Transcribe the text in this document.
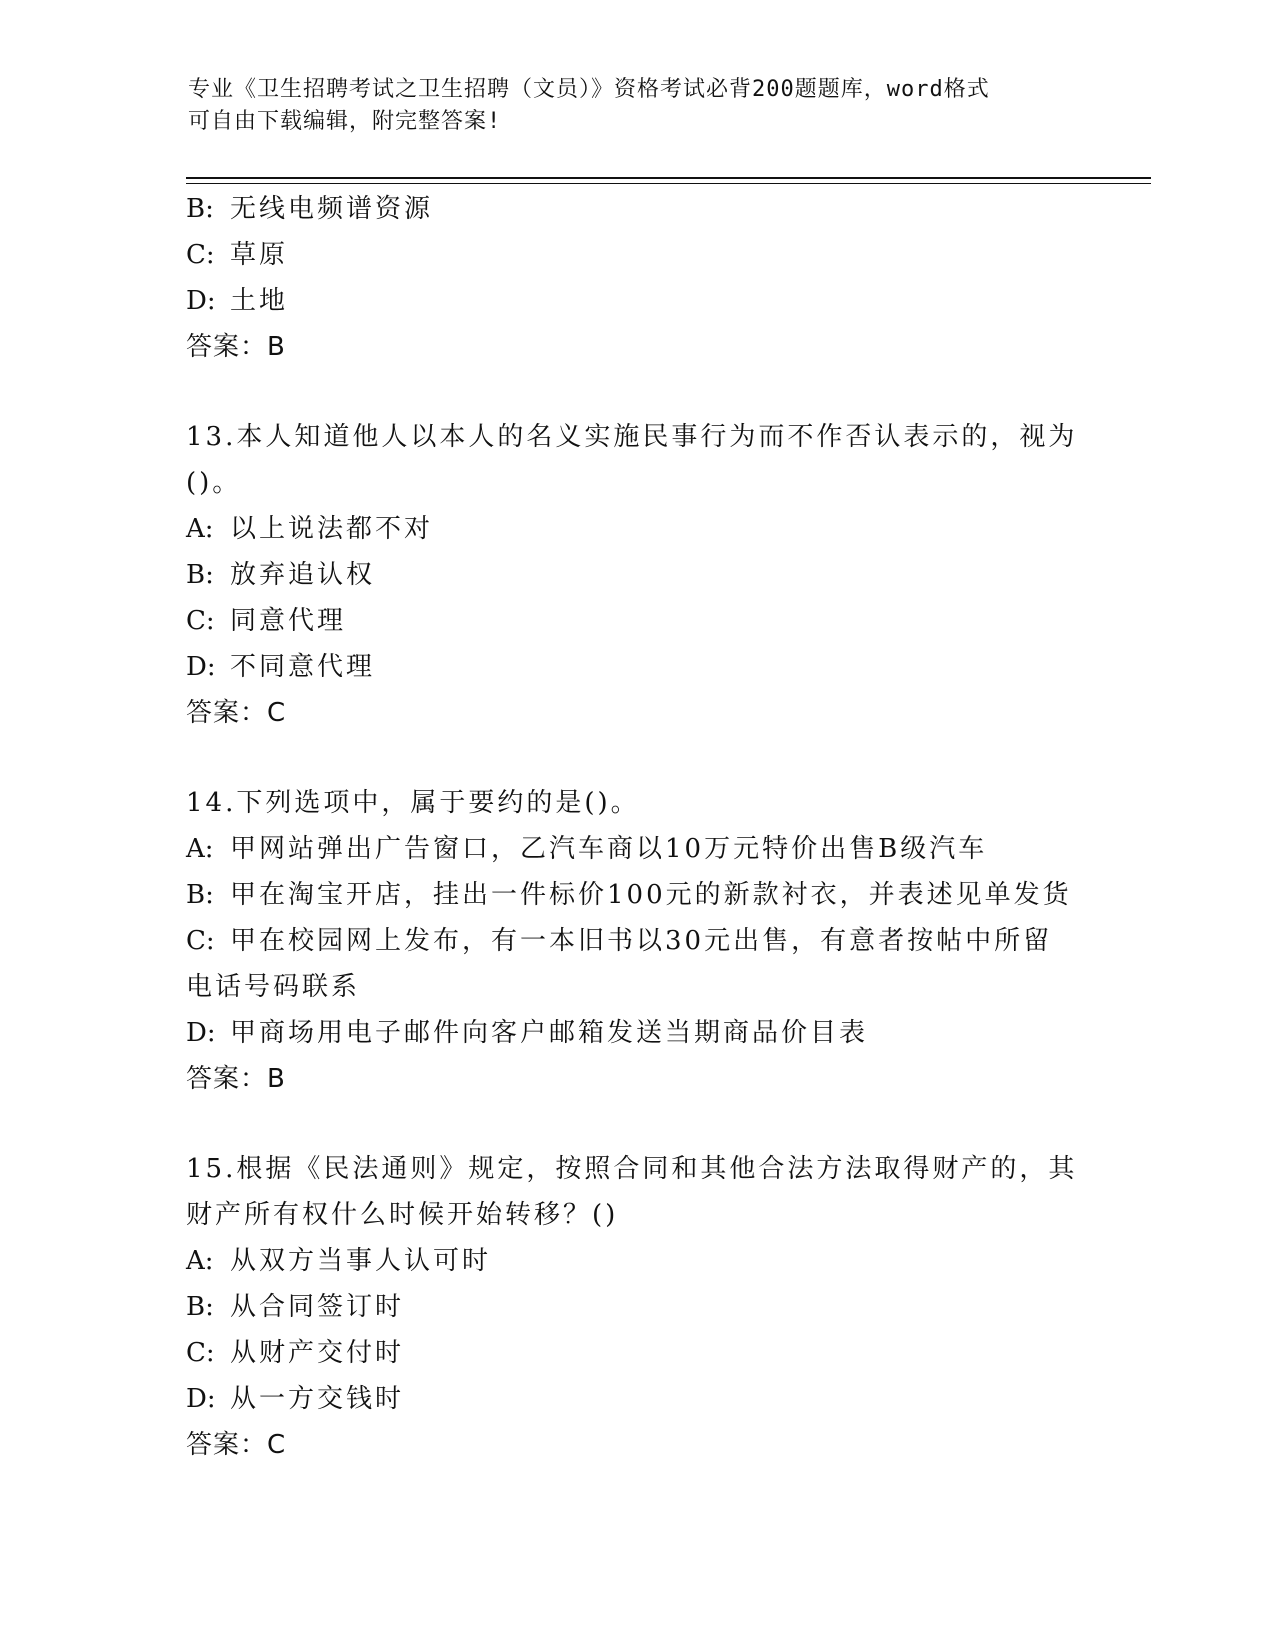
专业《卫生招聘考试之卫生招聘（文员）》资格考试必背200题题库，word格式
可自由下载编辑，附完整答案!
B: 无线电频谱资源
C: 草原
D: 土地
答案：B
13.本人知道他人以本人的名义实施民事行为而不作否认表示的，视为
()。
A: 以上说法都不对
B: 放弃追认权
C: 同意代理
D: 不同意代理
答案：C
14.下列选项中，属于要约的是()。
A: 甲网站弹出广告窗口，乙汽车商以10万元特价出售B级汽车
B: 甲在淘宝开店，挂出一件标价100元的新款衬衣，并表述见单发货
C: 甲在校园网上发布，有一本旧书以30元出售，有意者按帖中所留
电话号码联系
D: 甲商场用电子邮件向客户邮箱发送当期商品价目表
答案：B
15.根据《民法通则》规定，按照合同和其他合法方法取得财产的，其
财产所有权什么时候开始转移？()
A: 从双方当事人认可时
B: 从合同签订时
C: 从财产交付时
D: 从一方交钱时
答案：C
